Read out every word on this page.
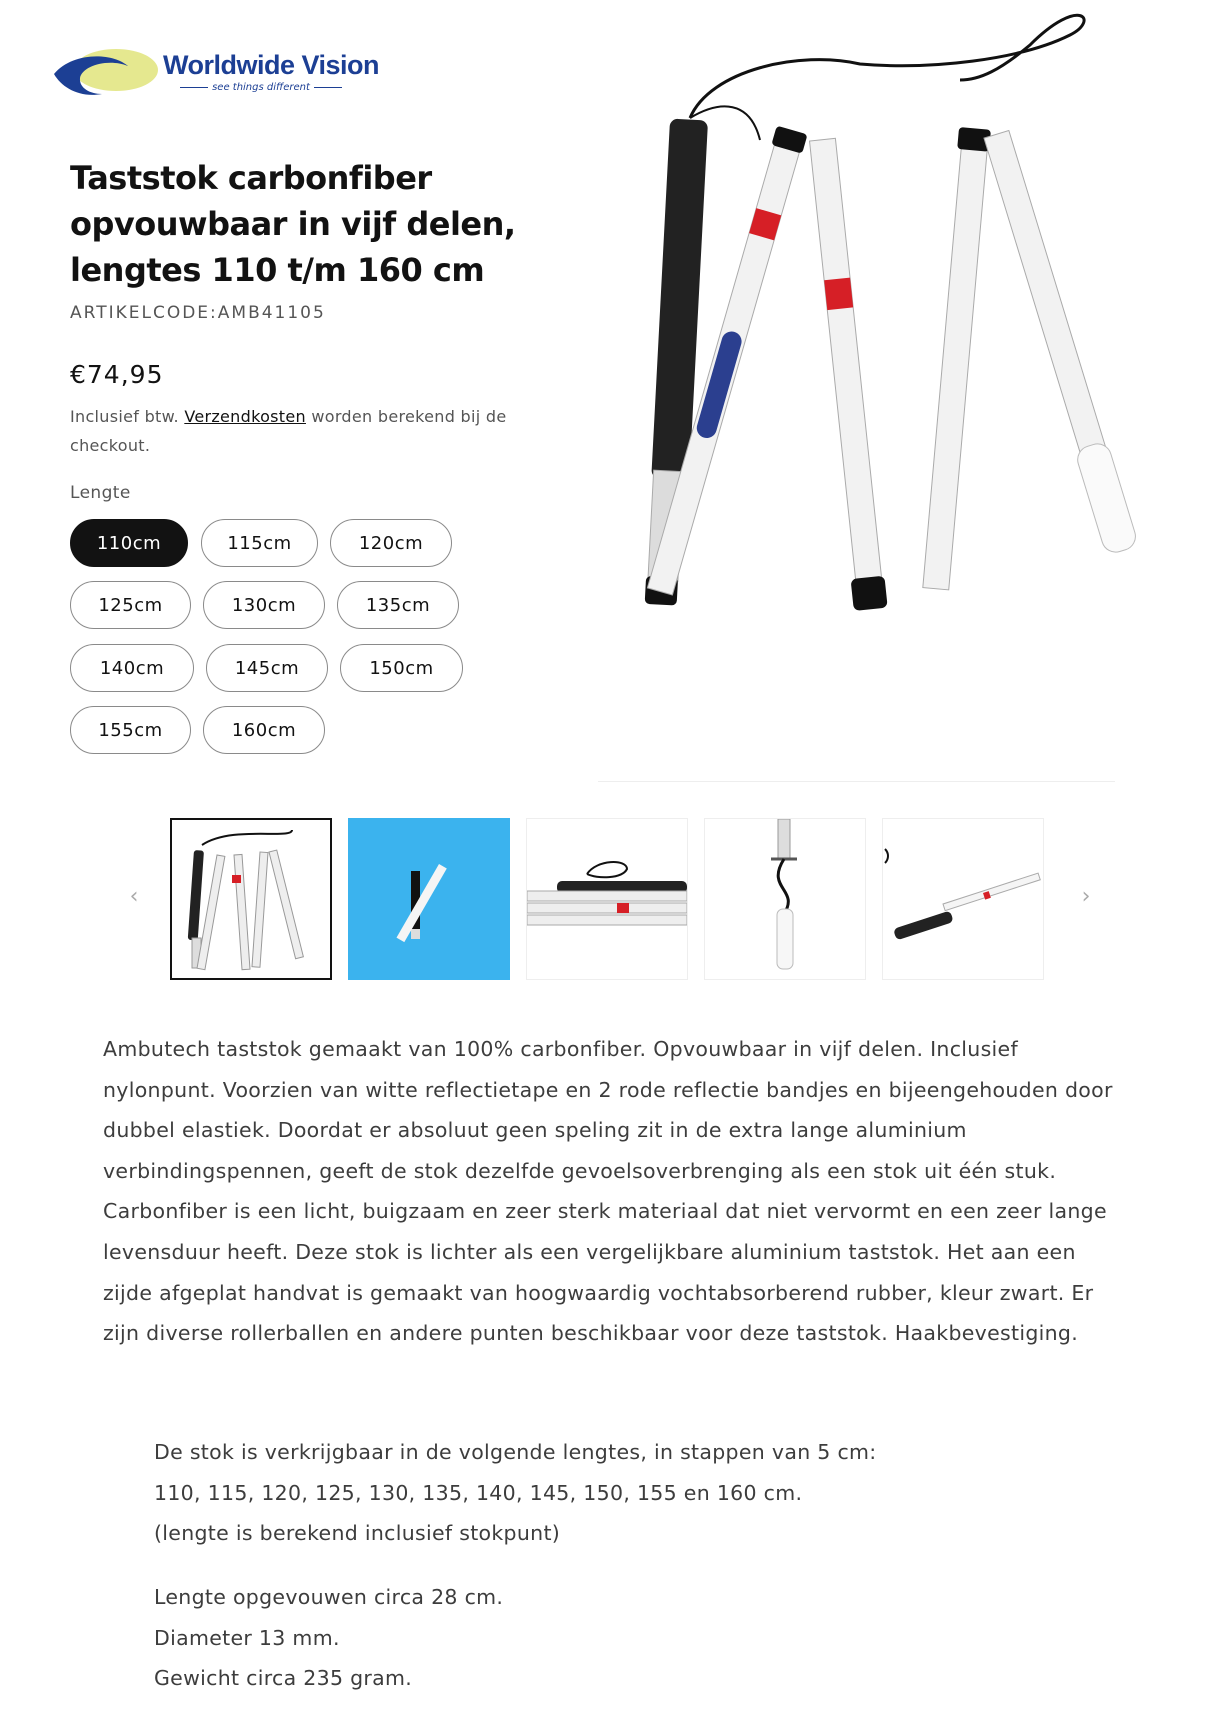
Worldwide Vision
see things different
Taststok carbonfiber opvouwbaar in vijf delen, lengtes 110 t/m 160 cm
ARTIKELCODE:AMB41105
€74,95
Inclusief btw. Verzendkosten worden berekend bij de checkout.
Lengte
110cm	115cm	120cm
125cm	130cm	135cm
140cm	145cm	150cm
155cm	160cm
‹	›

Ambutech taststok gemaakt van 100% carbonfiber. Opvouwbaar in vijf delen. Inclusief nylonpunt. Voorzien van witte reflectietape en 2 rode reflectie bandjes en bijeengehouden door dubbel elastiek. Doordat er absoluut geen speling zit in de extra lange aluminium verbindingspennen, geeft de stok dezelfde gevoelsoverbrenging als een stok uit één stuk. Carbonfiber is een licht, buigzaam en zeer sterk materiaal dat niet vervormt en een zeer lange levensduur heeft. Deze stok is lichter als een vergelijkbare aluminium taststok. Het aan een zijde afgeplat handvat is gemaakt van hoogwaardig vochtabsorberend rubber, kleur zwart. Er zijn diverse rollerballen en andere punten beschikbaar voor deze taststok. Haakbevestiging.

De stok is verkrijgbaar in de volgende lengtes, in stappen van 5 cm:
110, 115, 120, 125, 130, 135, 140, 145, 150, 155 en 160 cm.
(lengte is berekend inclusief stokpunt)
Lengte opgevouwen circa 28 cm.
Diameter 13 mm.
Gewicht circa 235 gram.
